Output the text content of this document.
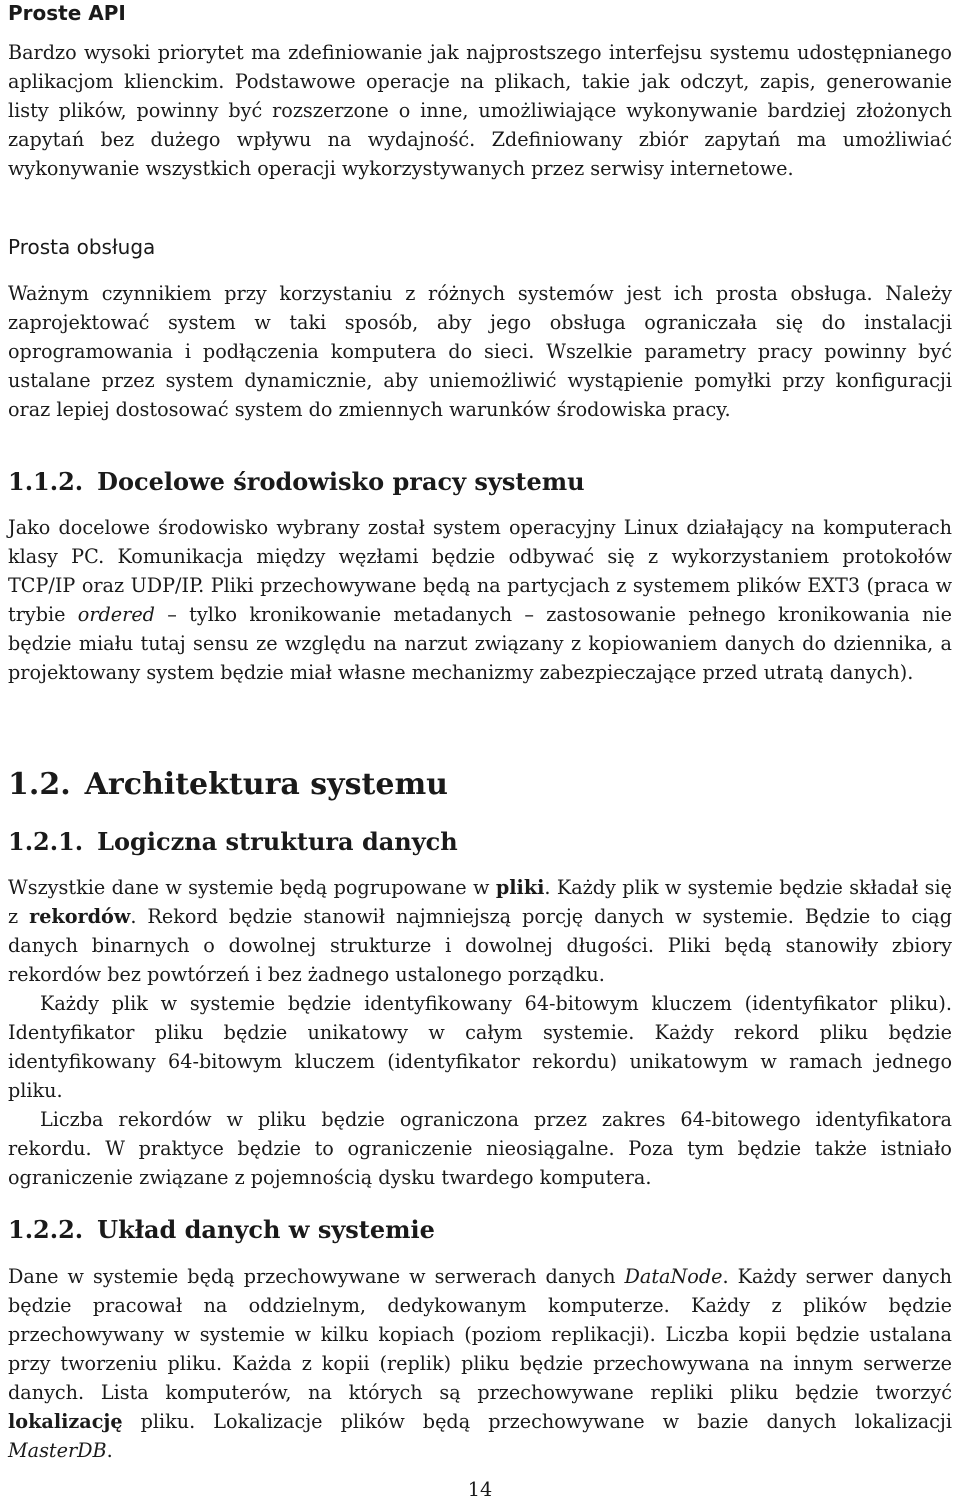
Proste API

Bardzo wysoki priorytet ma zdefiniowanie jak najprostszego interfejsu systemu udostępnianego aplikacjom klienckim. Podstawowe operacje na plikach, takie jak odczyt, zapis, generowanie listy plików, powinny być rozszerzone o inne, umożliwiające wykonywanie bardziej złożonych zapytań bez dużego wpływu na wydajność. Zdefiniowany zbiór zapytań ma umożliwiać wykonywanie wszystkich operacji wykorzystywanych przez serwisy internetowe.

Prosta obsługa

Ważnym czynnikiem przy korzystaniu z różnych systemów jest ich prosta obsługa. Należy zaprojektować system w taki sposób, aby jego obsługa ograniczała się do instalacji oprogramowania i podłączenia komputera do sieci. Wszelkie parametry pracy powinny być ustalane przez system dynamicznie, aby uniemożliwić wystąpienie pomyłki przy konfiguracji oraz lepiej dostosować system do zmiennych warunków środowiska pracy.

1.1.2. Docelowe środowisko pracy systemu

Jako docelowe środowisko wybrany został system operacyjny Linux działający na komputerach klasy PC. Komunikacja między węzłami będzie odbywać się z wykorzystaniem protokołów TCP/IP oraz UDP/IP. Pliki przechowywane będą na partycjach z systemem plików EXT3 (praca w trybie ordered – tylko kronikowanie metadanych – zastosowanie pełnego kronikowania nie będzie miału tutaj sensu ze względu na narzut związany z kopiowaniem danych do dziennika, a projektowany system będzie miał własne mechanizmy zabezpieczające przed utratą danych).

1.2. Architektura systemu
1.2.1. Logiczna struktura danych

Wszystkie dane w systemie będą pogrupowane w pliki. Każdy plik w systemie będzie składał się z rekordów. Rekord będzie stanowił najmniejszą porcję danych w systemie. Będzie to ciąg danych binarnych o dowolnej strukturze i dowolnej długości. Pliki będą stanowiły zbiory rekordów bez powtórzeń i bez żadnego ustalonego porządku.

Każdy plik w systemie będzie identyfikowany 64-bitowym kluczem (identyfikator pliku). Identyfikator pliku będzie unikatowy w całym systemie. Każdy rekord pliku będzie identyfikowany 64-bitowym kluczem (identyfikator rekordu) unikatowym w ramach jednego pliku.

Liczba rekordów w pliku będzie ograniczona przez zakres 64-bitowego identyfikatora rekordu. W praktyce będzie to ograniczenie nieosiągalne. Poza tym będzie także istniało ograniczenie związane z pojemnością dysku twardego komputera.

1.2.2. Układ danych w systemie

Dane w systemie będą przechowywane w serwerach danych DataNode. Każdy serwer danych będzie pracował na oddzielnym, dedykowanym komputerze. Każdy z plików będzie przechowywany w systemie w kilku kopiach (poziom replikacji). Liczba kopii będzie ustalana przy tworzeniu pliku. Każda z kopii (replik) pliku będzie przechowywana na innym serwerze danych. Lista komputerów, na których są przechowywane repliki pliku będzie tworzyć lokalizację pliku. Lokalizacje plików będą przechowywane w bazie danych lokalizacji MasterDB.

14
